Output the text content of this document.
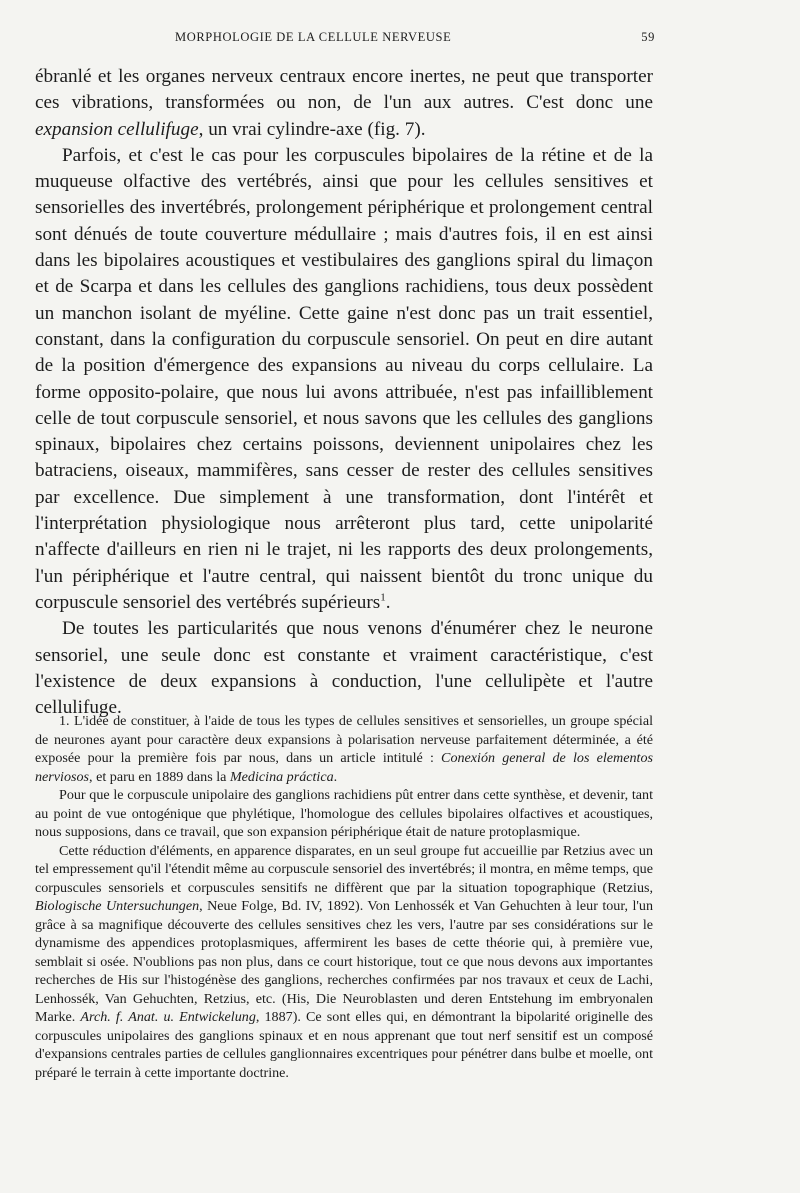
MORPHOLOGIE DE LA CELLULE NERVEUSE	59

ébranlé et les organes nerveux centraux encore inertes, ne peut que transporter ces vibrations, transformées ou non, de l'un aux autres. C'est donc une expansion cellulifuge, un vrai cylindre-axe (fig. 7).

Parfois, et c'est le cas pour les corpuscules bipolaires de la rétine et de la muqueuse olfactive des vertébrés, ainsi que pour les cellules sensitives et sensorielles des invertébrés, prolongement périphérique et prolongement central sont dénués de toute couverture médullaire ; mais d'autres fois, il en est ainsi dans les bipolaires acoustiques et vestibulaires des ganglions spiral du limaçon et de Scarpa et dans les cellules des ganglions rachidiens, tous deux possèdent un manchon isolant de myéline. Cette gaine n'est donc pas un trait essentiel, constant, dans la configuration du corpuscule sensoriel. On peut en dire autant de la position d'émergence des expansions au niveau du corps cellulaire. La forme opposito-polaire, que nous lui avons attribuée, n'est pas infailliblement celle de tout corpuscule sensoriel, et nous savons que les cellules des ganglions spinaux, bipolaires chez certains poissons, deviennent unipolaires chez les batraciens, oiseaux, mammifères, sans cesser de rester des cellules sensitives par excellence. Due simplement à une transformation, dont l'intérêt et l'interprétation physiologique nous arrêteront plus tard, cette unipolarité n'affecte d'ailleurs en rien ni le trajet, ni les rapports des deux prolongements, l'un périphérique et l'autre central, qui naissent bientôt du tronc unique du corpuscule sensoriel des vertébrés supérieurs$^1$.

De toutes les particularités que nous venons d'énumérer chez le neurone sensoriel, une seule donc est constante et vraiment caractéristique, c'est l'existence de deux expansions à conduction, l'une cellulipète et l'autre cellulifuge.

1. L'idée de constituer, à l'aide de tous les types de cellules sensitives et sensorielles, un groupe spécial de neurones ayant pour caractère deux expansions à polarisation nerveuse parfaitement déterminée, a été exposée pour la première fois par nous, dans un article intitulé : Conexión general de los elementos nerviosos, et paru en 1889 dans la Medicina práctica.

Pour que le corpuscule unipolaire des ganglions rachidiens pût entrer dans cette synthèse, et devenir, tant au point de vue ontogénique que phylétique, l'homologue des cellules bipolaires olfactives et acoustiques, nous supposions, dans ce travail, que son expansion périphérique était de nature protoplasmique.

Cette réduction d'éléments, en apparence disparates, en un seul groupe fut accueillie par Retzius avec un tel empressement qu'il l'étendit même au corpuscule sensoriel des invertébrés; il montra, en même temps, que corpuscules sensoriels et corpuscules sensitifs ne diffèrent que par la situation topographique (Retzius, Biologische Untersuchungen, Neue Folge, Bd. IV, 1892). Von Lenhossék et Van Gehuchten à leur tour, l'un grâce à sa magnifique découverte des cellules sensitives chez les vers, l'autre par ses considérations sur le dynamisme des appendices protoplasmiques, affermirent les bases de cette théorie qui, à première vue, semblait si osée. N'oublions pas non plus, dans ce court historique, tout ce que nous devons aux importantes recherches de His sur l'histogénèse des ganglions, recherches confirmées par nos travaux et ceux de Lachi, Lenhossék, Van Gehuchten, Retzius, etc. (His, Die Neuroblasten und deren Entstehung im embryonalen Marke. Arch. f. Anat. u. Entwickelung, 1887). Ce sont elles qui, en démontrant la bipolarité originelle des corpuscules unipolaires des ganglions spinaux et en nous apprenant que tout nerf sensitif est un composé d'expansions centrales parties de cellules ganglionnaires excentriques pour pénétrer dans bulbe et moelle, ont préparé le terrain à cette importante doctrine.
